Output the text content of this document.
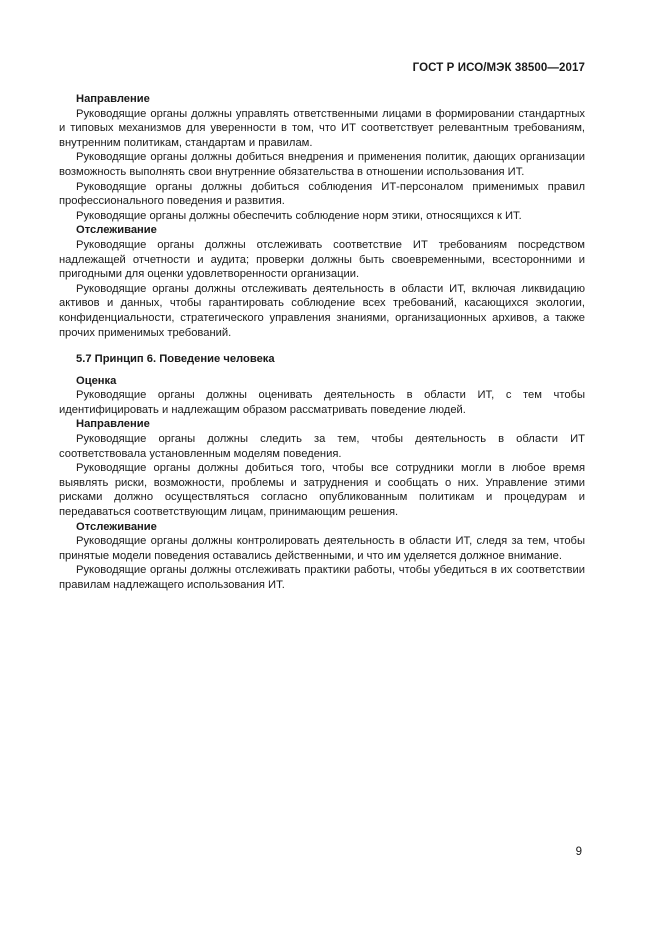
ГОСТ Р ИСО/МЭК 38500—2017
Направление

Руководящие органы должны управлять ответственными лицами в формировании стандартных и типовых механизмов для уверенности в том, что ИТ соответствует релевантным требованиям, внутренним политикам, стандартам и правилам.

Руководящие органы должны добиться внедрения и применения политик, дающих организации возможность выполнять свои внутренние обязательства в отношении использования ИТ.

Руководящие органы должны добиться соблюдения ИТ-персоналом применимых правил профессионального поведения и развития.

Руководящие органы должны обеспечить соблюдение норм этики, относящихся к ИТ.

Отслеживание

Руководящие органы должны отслеживать соответствие ИТ требованиям посредством надлежащей отчетности и аудита; проверки должны быть своевременными, всесторонними и пригодными для оценки удовлетворенности организации.

Руководящие органы должны отслеживать деятельность в области ИТ, включая ликвидацию активов и данных, чтобы гарантировать соблюдение всех требований, касающихся экологии, конфиденциальности, стратегического управления знаниями, организационных архивов, а также прочих применимых требований.

5.7 Принцип 6. Поведение человека
Оценка

Руководящие органы должны оценивать деятельность в области ИТ, с тем чтобы идентифицировать и надлежащим образом рассматривать поведение людей.

Направление

Руководящие органы должны следить за тем, чтобы деятельность в области ИТ соответствовала установленным моделям поведения.

Руководящие органы должны добиться того, чтобы все сотрудники могли в любое время выявлять риски, возможности, проблемы и затруднения и сообщать о них. Управление этими рисками должно осуществляться согласно опубликованным политикам и процедурам и передаваться соответствующим лицам, принимающим решения.

Отслеживание

Руководящие органы должны контролировать деятельность в области ИТ, следя за тем, чтобы принятые модели поведения оставались действенными, и что им уделяется должное внимание.

Руководящие органы должны отслеживать практики работы, чтобы убедиться в их соответствии правилам надлежащего использования ИТ.

9
